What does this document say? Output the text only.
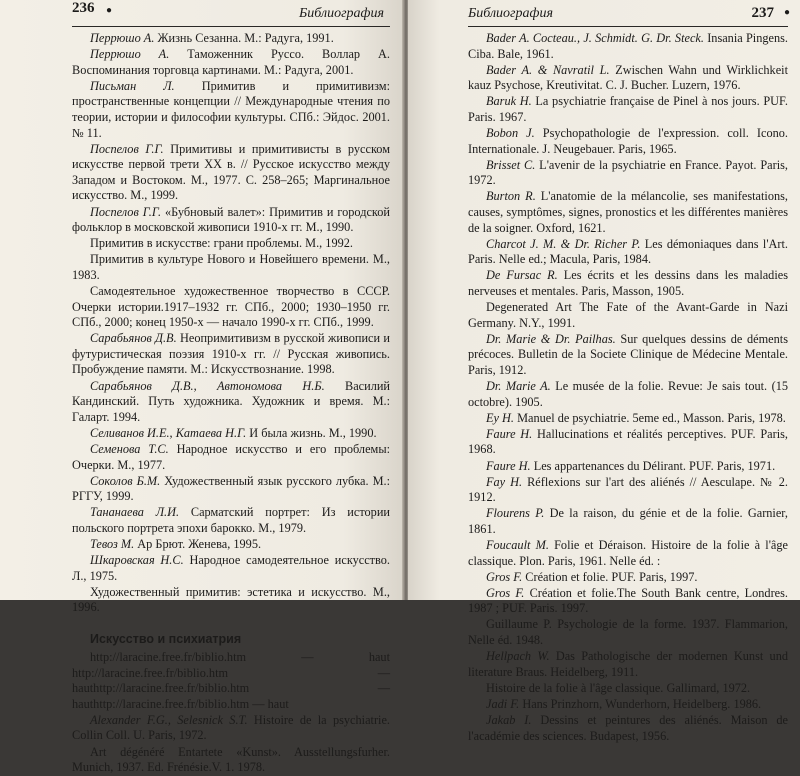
236 ●	Библиография

Перрюшо А. Жизнь Сезанна. М.: Радуга, 1991.

Перрюшо А. Таможенник Руссо. Воллар А. Воспоминания торговца картинами. М.: Радуга, 2001.

Письман Л. Примитив и примитивизм: пространственные концепции // Международные чтения по теории, истории и философии культуры. СПб.: Эйдос. 2001. № 11.

Поспелов Г.Г. Примитивы и примитивисты в русском искусстве первой трети XX в. // Русское искусство между Западом и Востоком. М., 1977. С. 258–265; Маргинальное искусство. М., 1999.

Поспелов Г.Г. «Бубновый валет»: Примитив и городской фольклор в московской живописи 1910-х гг. М., 1990.

Примитив в искусстве: грани проблемы. М., 1992.

Примитив в культуре Нового и Новейшего времени. М., 1983.

Самодеятельное художественное творчество в СССР. Очерки истории.1917–1932 гг. СПб., 2000; 1930–1950 гг. СПб., 2000; конец 1950-х — начало 1990-х гг. СПб., 1999.

Сарабьянов Д.В. Неопримитивизм в русской живописи и футуристическая поэзия 1910-х гг. // Русская живопись. Пробуждение памяти. М.: Искусствознание. 1998.

Сарабьянов Д.В., Автономова Н.Б. Василий Кандинский. Путь художника. Художник и время. М.: Галарт. 1994.

Селиванов И.Е., Катаева Н.Г. И была жизнь. М., 1990.

Семенова Т.С. Народное искусство и его проблемы: Очерки. М., 1977.

Соколов Б.М. Художественный язык русского лубка. М.: РГГУ, 1999.

Тананаева Л.И. Сарматский портрет: Из истории польского портрета эпохи барокко. М., 1979.

Тевоз М. Ар Брют. Женева, 1995.

Шкаровская Н.С. Народное самодеятельное искусство. Л., 1975.

Художественный примитив: эстетика и искусство. М., 1996.

Искусство и психиатрия

http://laracine.free.fr/biblio.htm — haut http://laracine.free.fr/biblio.htm — hauthttp://laracine.free.fr/biblio.htm — hauthttp://laracine.free.fr/biblio.htm — haut

Alexander F.G., Selesnick S.T. Histoire de la psychiatrie. Collin Coll. U. Paris, 1972.

Art dégénéré Entartete «Kunst». Ausstellungsfurher. Munich, 1937. Ed. Frénésie.V. 1. 1978.

Библиография	●
237

Bader A. Cocteau., J. Schmidt. G. Dr. Steck. Insania Pingens. Ciba. Bale, 1961.

Bader A. & Navratil L. Zwischen Wahn und Wirklichkeit kauz Psychose, Kreutivitat. C. J. Bucher. Luzern, 1976.

Baruk H. La psychiatrie française de Pinel à nos jours. PUF. Paris. 1967.

Bobon J. Psychopathologie de l'expression. coll. Icono. Internationale. J. Neugebauer. Paris, 1965.

Brisset C. L'avenir de la psychiatrie en France. Payot. Paris, 1972.

Burton R. L'anatomie de la mélancolie, ses manifestations, causes, symptômes, signes, pronostics et les différentes manières de la soigner. Oxford, 1621.

Charcot J. M. & Dr. Richer P. Les démoniaques dans l'Art. Paris. Nelle ed.; Macula, Paris, 1984.

De Fursac R. Les écrits et les dessins dans les maladies nerveuses et mentales. Paris, Masson, 1905.

Degenerated Art The Fate of the Avant-Garde in Nazi Germany. N.Y., 1991.

Dr. Marie & Dr. Pailhas. Sur quelques dessins de déments précoces. Bulletin de la Societe Clinique de Médecine Mentale. Paris, 1912.

Dr. Marie A. Le musée de la folie. Revue: Je sais tout. (15 octobre). 1905.

Ey H. Manuel de psychiatrie. 5eme ed., Masson. Paris, 1978.

Faure H. Hallucinations et réalités perceptives. PUF. Paris, 1968.

Faure H. Les appartenances du Délirant. PUF. Paris, 1971.

Fay H. Réflexions sur l'art des aliénés // Aesculape. № 2. 1912.

Flourens P. De la raison, du génie et de la folie. Garnier, 1861.

Foucault M. Folie et Déraison. Histoire de la folie à l'âge classique. Plon. Paris, 1961. Nelle éd. :

Gros F. Création et folie. PUF. Paris, 1997.

Gros F. Création et folie.The South Bank centre, Londres. 1987 ; PUF. Paris. 1997.

Guillaume P. Psychologie de la forme. 1937. Flammarion, Nelle éd. 1948.

Hellpach W. Das Pathologische der modernen Kunst und literature Braus. Heidelberg, 1911.

Histoire de la folie à l'âge classique. Gallimard, 1972.

Jadi F. Hans Prinzhorn, Wunderhorn, Heidelberg. 1986.

Jakab I. Dessins et peintures des aliénés. Maison de l'académie des sciences. Budapest, 1956.
